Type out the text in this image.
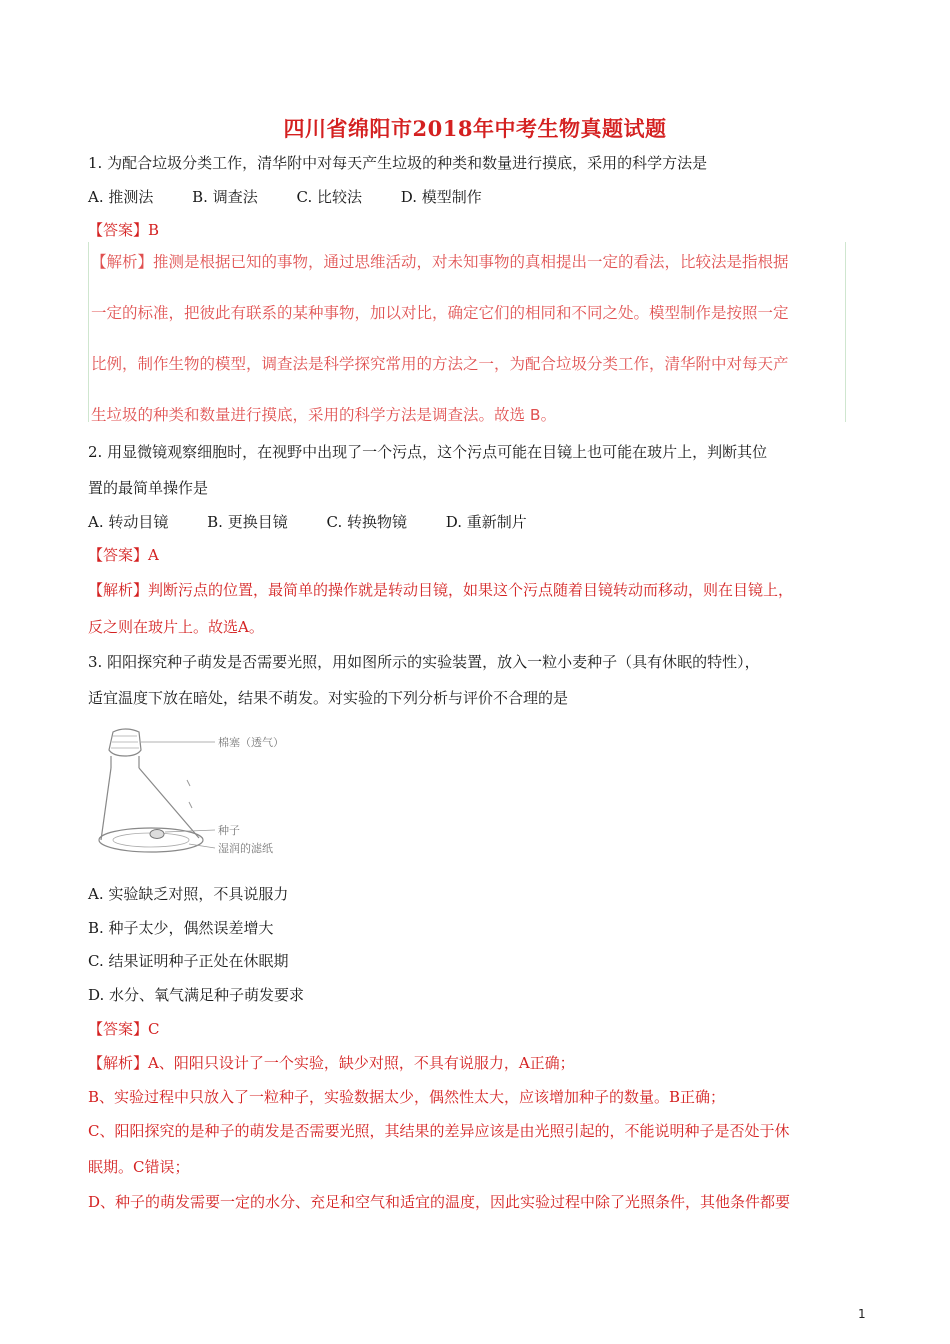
四川省绵阳市2018年中考生物真题试题
1. 为配合垃圾分类工作，清华附中对每天产生垃圾的种类和数量进行摸底，采用的科学方法是
A. 推测法	B. 调查法	C. 比较法	D. 模型制作
【答案】B
【解析】推测是根据已知的事物，通过思维活动，对未知事物的真相提出一定的看法，比较法是指根据
一定的标准，把彼此有联系的某种事物，加以对比，确定它们的相同和不同之处。模型制作是按照一定
比例，制作生物的模型，调查法是科学探究常用的方法之一，为配合垃圾分类工作，清华附中对每天产
生垃圾的种类和数量进行摸底，采用的科学方法是调查法。故选 B。
2. 用显微镜观察细胞时，在视野中出现了一个污点，这个污点可能在目镜上也可能在玻片上，判断其位
置的最简单操作是
A. 转动目镜	B. 更换目镜	C. 转换物镜	D. 重新制片
【答案】A
【解析】判断污点的位置，最简单的操作就是转动目镜，如果这个污点随着目镜转动而移动，则在目镜上，
反之则在玻片上。故选A。
3. 阳阳探究种子萌发是否需要光照，用如图所示的实验装置，放入一粒小麦种子（具有休眠的特性），
适宜温度下放在暗处，结果不萌发。对实验的下列分析与评价不合理的是
棉塞（透气）
种子
湿润的滤纸
A. 实验缺乏对照，不具说服力
B. 种子太少，偶然误差增大
C. 结果证明种子正处在休眠期
D. 水分、氧气满足种子萌发要求
【答案】C
【解析】A、阳阳只设计了一个实验，缺少对照，不具有说服力，A正确；
B、实验过程中只放入了一粒种子，实验数据太少，偶然性太大，应该增加种子的数量。B正确；
C、阳阳探究的是种子的萌发是否需要光照，其结果的差异应该是由光照引起的，不能说明种子是否处于休
眠期。C错误；
D、种子的萌发需要一定的水分、充足和空气和适宜的温度，因此实验过程中除了光照条件，其他条件都要
1
